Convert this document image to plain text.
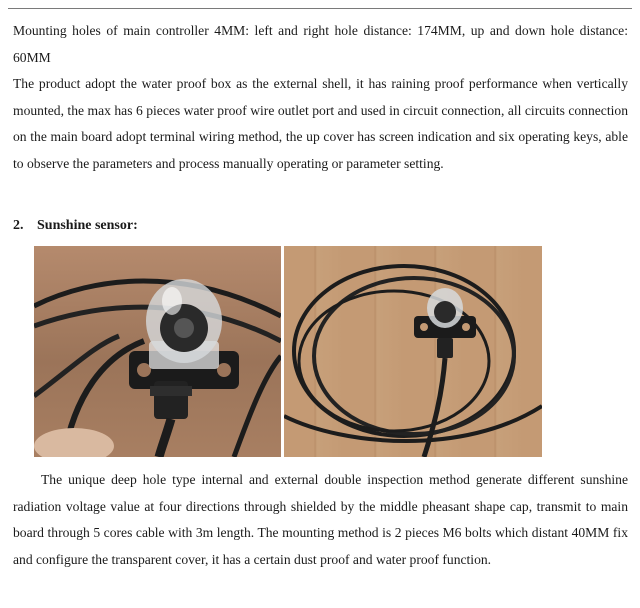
Mounting holes of main controller 4MM: left and right hole distance: 174MM, up and down hole distance: 60MM
The product adopt the water proof box as the external shell, it has raining proof performance when vertically mounted, the max has 6 pieces water proof wire outlet port and used in circuit connection, all circuits connection on the main board adopt terminal wiring method, the up cover has screen indication and six operating keys, able to observe the parameters and process manually operating or parameter setting.
2. Sunshine sensor:
The unique deep hole type internal and external double inspection method generate different sunshine radiation voltage value at four directions through shielded by the middle pheasant shape cap, transmit to main board through 5 cores cable with 3m length. The mounting method is 2 pieces M6 bolts which distant 40MM fix and configure the transparent cover, it has a certain dust proof and water proof function.
